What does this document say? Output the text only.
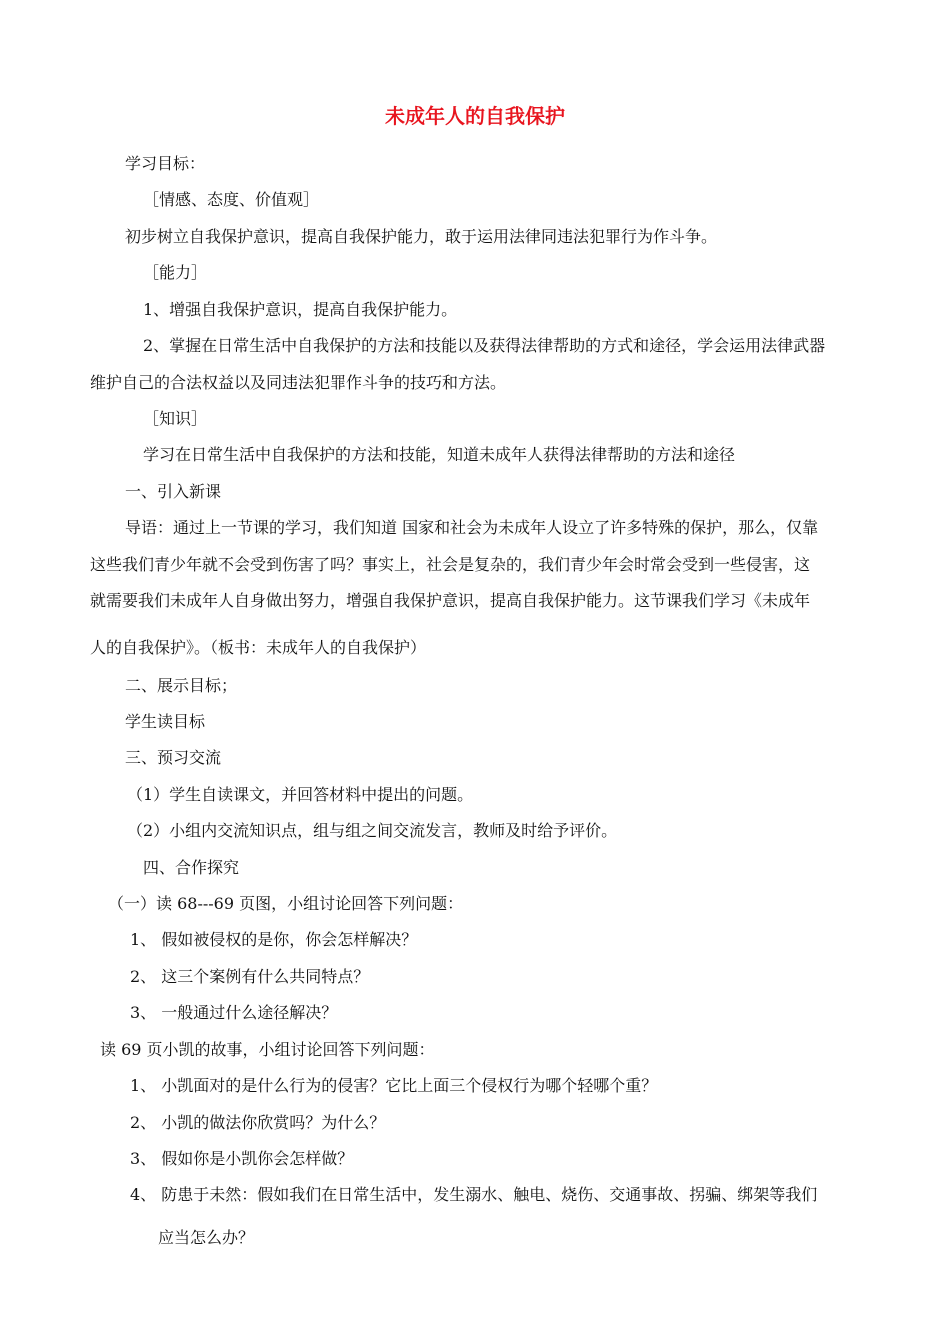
未成年人的自我保护

学习目标：

［情感、态度、价值观］

初步树立自我保护意识，提高自我保护能力，敢于运用法律同违法犯罪行为作斗争。

［能力］

1、增强自我保护意识，提高自我保护能力。

2、掌握在日常生活中自我保护的方法和技能以及获得法律帮助的方式和途径，学会运用法律武器

维护自己的合法权益以及同违法犯罪作斗争的技巧和方法。

［知识］

学习在日常生活中自我保护的方法和技能，知道未成年人获得法律帮助的方法和途径

一、引入新课

导语：通过上一节课的学习，我们知道 国家和社会为未成年人设立了许多特殊的保护，那么，仅靠

这些我们青少年就不会受到伤害了吗？事实上，社会是复杂的，我们青少年会时常会受到一些侵害，这

就需要我们未成年人自身做出努力，增强自我保护意识，提高自我保护能力。这节课我们学习《未成年

人的自我保护》。（板书：未成年人的自我保护）

二、展示目标；

学生读目标

三、预习交流

（1）学生自读课文，并回答材料中提出的问题。

（2）小组内交流知识点，组与组之间交流发言，教师及时给予评价。

四、合作探究

（一）读 68---69 页图，小组讨论回答下列问题：

1、 假如被侵权的是你，你会怎样解决？

2、 这三个案例有什么共同特点？

3、 一般通过什么途径解决？

读 69 页小凯的故事，小组讨论回答下列问题：

1、 小凯面对的是什么行为的侵害？它比上面三个侵权行为哪个轻哪个重？

2、 小凯的做法你欣赏吗？为什么？

3、 假如你是小凯你会怎样做？

4、 防患于未然：假如我们在日常生活中，发生溺水、触电、烧伤、交通事故、拐骗、绑架等我们

应当怎么办？
